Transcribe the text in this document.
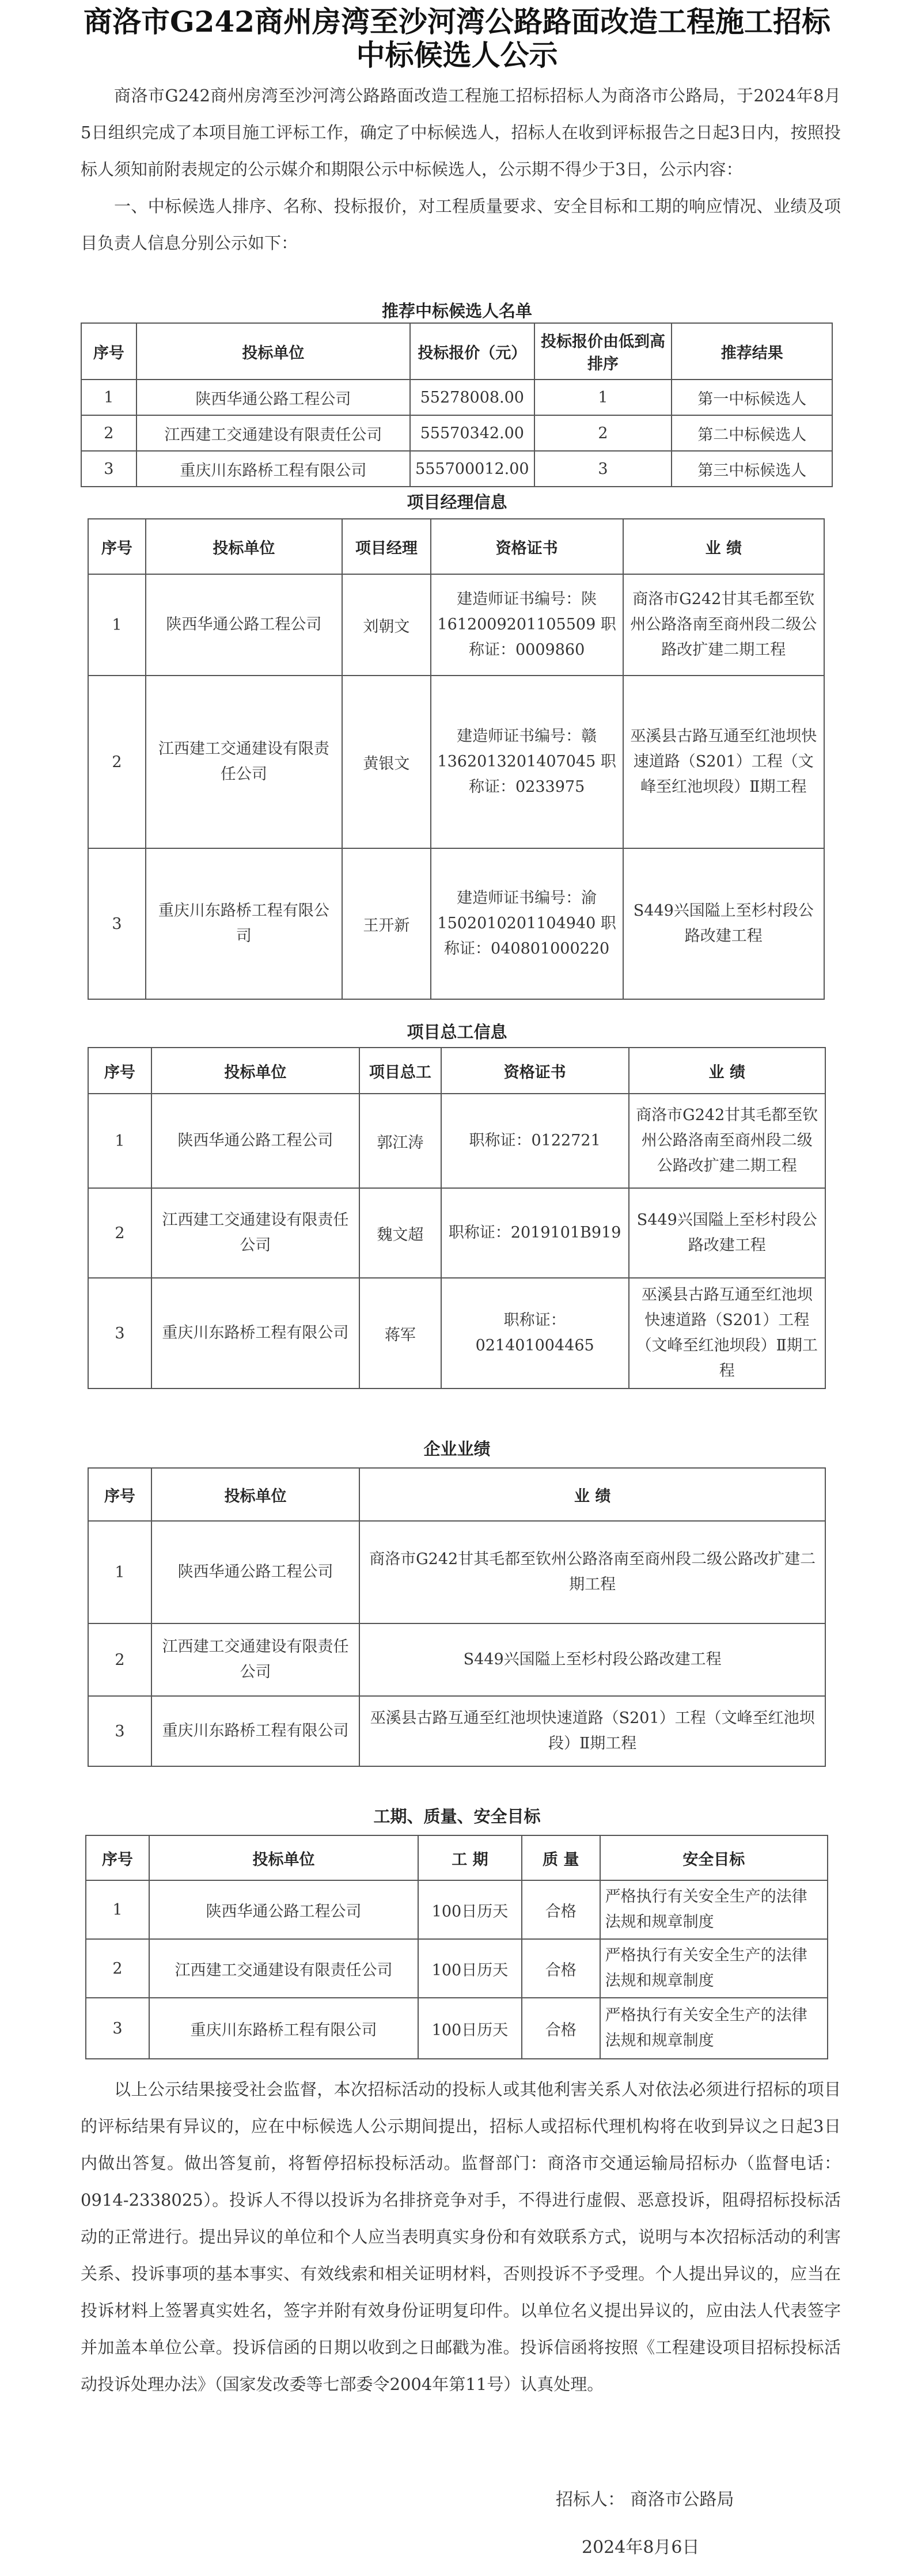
商洛市G242商州房湾至沙河湾公路路面改造工程施工招标
中标候选人公示

商洛市G242商州房湾至沙河湾公路路面改造工程施工招标招标人为商洛市公路局，于2024年8月5日组织完成了本项目施工评标工作，确定了中标候选人，招标人在收到评标报告之日起3日内，按照投标人须知前附表规定的公示媒介和期限公示中标候选人，公示期不得少于3日，公示内容：

一、中标候选人排序、名称、投标报价，对工程质量要求、安全目标和工期的响应情况、业绩及项目负责人信息分别公示如下：

推荐中标候选人名单
序号	投标单位	投标报价（元）	投标报价由低到高排序	推荐结果
1	陕西华通公路工程公司	55278008.00	1	第一中标候选人
2	江西建工交通建设有限责任公司	55570342.00	2	第二中标候选人
3	重庆川东路桥工程有限公司	555700012.00	3	第三中标候选人
项目经理信息
序号	投标单位	项目经理	资格证书	业 绩
1	陕西华通公路工程公司	刘朝文	建造师证书编号：陕1612009201105509 职称证：0009860	商洛市G242甘其毛都至钦州公路洛南至商州段二级公路改扩建二期工程
2	江西建工交通建设有限责任公司	黄银文	建造师证书编号：赣1362013201407045 职称证：0233975	巫溪县古路互通至红池坝快速道路（S201）工程（文峰至红池坝段）Ⅱ期工程
3	重庆川东路桥工程有限公司	王开新	建造师证书编号：渝1502010201104940 职称证：040801000220	S449兴国隘上至杉村段公路改建工程
项目总工信息
序号	投标单位	项目总工	资格证书	业 绩
1	陕西华通公路工程公司	郭江涛	职称证：0122721	商洛市G242甘其毛都至钦州公路洛南至商州段二级公路改扩建二期工程
2	江西建工交通建设有限责任公司	魏文超	职称证：2019101B919	S449兴国隘上至杉村段公路改建工程
3	重庆川东路桥工程有限公司	蒋军	职称证：021401004465	巫溪县古路互通至红池坝快速道路（S201）工程（文峰至红池坝段）Ⅱ期工程
企业业绩
序号	投标单位	业 绩
1	陕西华通公路工程公司	商洛市G242甘其毛都至钦州公路洛南至商州段二级公路改扩建二期工程
2	江西建工交通建设有限责任公司	S449兴国隘上至杉村段公路改建工程
3	重庆川东路桥工程有限公司	巫溪县古路互通至红池坝快速道路（S201）工程（文峰至红池坝段）Ⅱ期工程
工期、质量、安全目标
序号	投标单位	工 期	质 量	安全目标
1	陕西华通公路工程公司	100日历天	合格	严格执行有关安全生产的法律法规和规章制度
2	江西建工交通建设有限责任公司	100日历天	合格	严格执行有关安全生产的法律法规和规章制度
3	重庆川东路桥工程有限公司	100日历天	合格	严格执行有关安全生产的法律法规和规章制度

以上公示结果接受社会监督，本次招标活动的投标人或其他利害关系人对依法必须进行招标的项目的评标结果有异议的，应在中标候选人公示期间提出，招标人或招标代理机构将在收到异议之日起3日内做出答复。做出答复前，将暂停招标投标活动。监督部门：商洛市交通运输局招标办（监督电话：0914-2338025）。投诉人不得以投诉为名排挤竞争对手，不得进行虚假、恶意投诉，阻碍招标投标活动的正常进行。提出异议的单位和个人应当表明真实身份和有效联系方式，说明与本次招标活动的利害关系、投诉事项的基本事实、有效线索和相关证明材料，否则投诉不予受理。个人提出异议的，应当在投诉材料上签署真实姓名，签字并附有效身份证明复印件。以单位名义提出异议的，应由法人代表签字并加盖本单位公章。投诉信函的日期以收到之日邮戳为准。投诉信函将按照《工程建设项目招标投标活动投诉处理办法》（国家发改委等七部委令2004年第11号）认真处理。

招标人： 商洛市公路局
2024年8月6日
